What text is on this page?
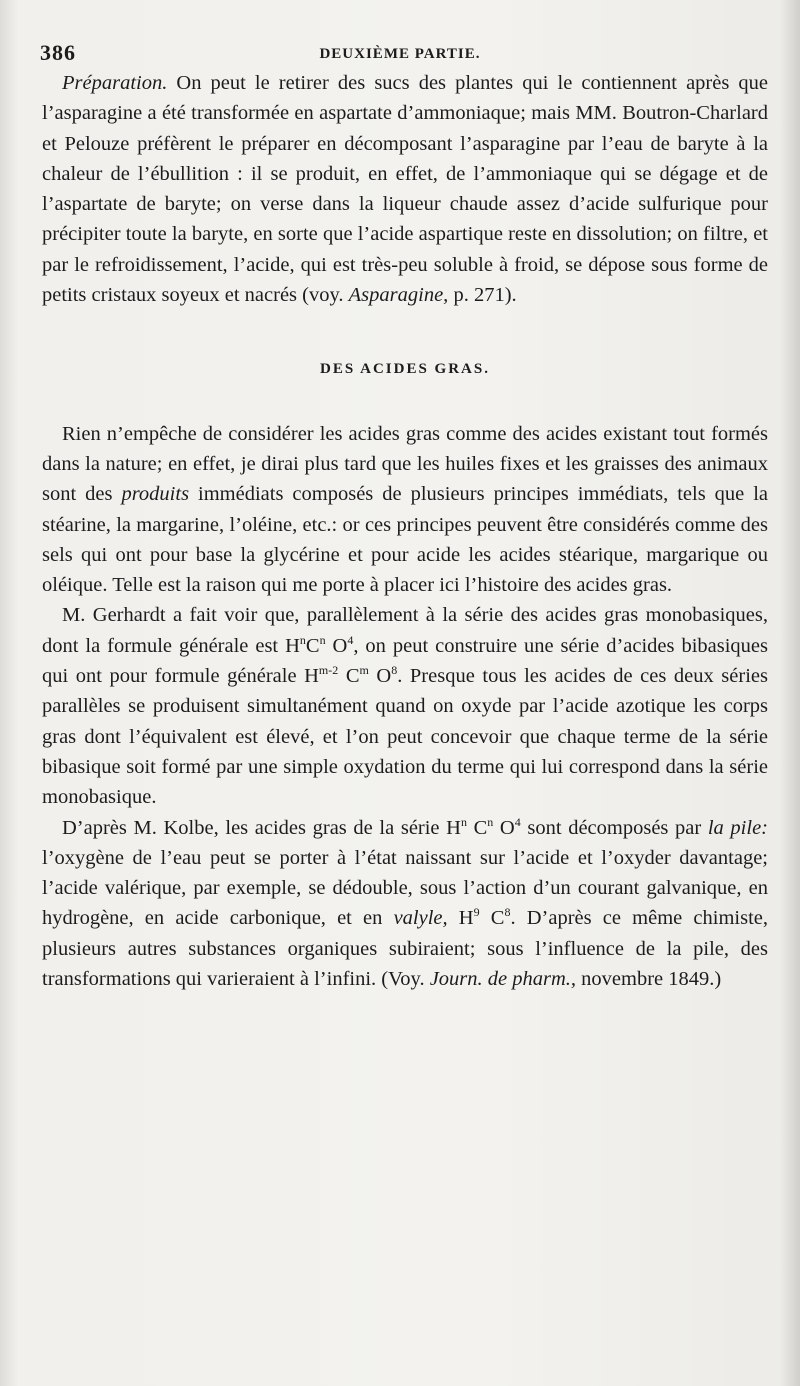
386	DEUXIÈME PARTIE.

Préparation. On peut le retirer des sucs des plantes qui le contiennent après que l’asparagine a été transformée en aspartate d’ammoniaque; mais MM. Boutron-Charlard et Pelouze préfèrent le préparer en décomposant l’asparagine par l’eau de baryte à la chaleur de l’ébullition : il se produit, en effet, de l’ammoniaque qui se dégage et de l’aspartate de baryte; on verse dans la liqueur chaude assez d’acide sulfurique pour précipiter toute la baryte, en sorte que l’acide aspartique reste en dissolution; on filtre, et par le refroidissement, l’acide, qui est très-peu soluble à froid, se dépose sous forme de petits cristaux soyeux et nacrés (voy. Asparagine, p. 271).

DES ACIDES GRAS.

Rien n’empêche de considérer les acides gras comme des acides existant tout formés dans la nature; en effet, je dirai plus tard que les huiles fixes et les graisses des animaux sont des produits immédiats composés de plusieurs principes immédiats, tels que la stéarine, la margarine, l’oléine, etc.: or ces principes peuvent être considérés comme des sels qui ont pour base la glycérine et pour acide les acides stéarique, margarique ou oléique. Telle est la raison qui me porte à placer ici l’histoire des acides gras.

M. Gerhardt a fait voir que, parallèlement à la série des acides gras monobasiques, dont la formule générale est $H^nC^n$ $O^4$, on peut construire une série d’acides bibasiques qui ont pour formule générale $H^{m-2}$ $C^m$ $O^8$. Presque tous les acides de ces deux séries parallèles se produisent simultanément quand on oxyde par l’acide azotique les corps gras dont l’équivalent est élevé, et l’on peut concevoir que chaque terme de la série bibasique soit formé par une simple oxydation du terme qui lui correspond dans la série monobasique.

D’après M. Kolbe, les acides gras de la série $H^n$ $C^n$ $O^4$ sont décomposés par la pile: l’oxygène de l’eau peut se porter à l’état naissant sur l’acide et l’oxyder davantage; l’acide valérique, par exemple, se dédouble, sous l’action d’un courant galvanique, en hydrogène, en acide carbonique, et en valyle, $H^9$ $C^8$. D’après ce même chimiste, plusieurs autres substances organiques subiraient; sous l’influence de la pile, des transformations qui varieraient à l’infini. (Voy. Journ. de pharm., novembre 1849.)
